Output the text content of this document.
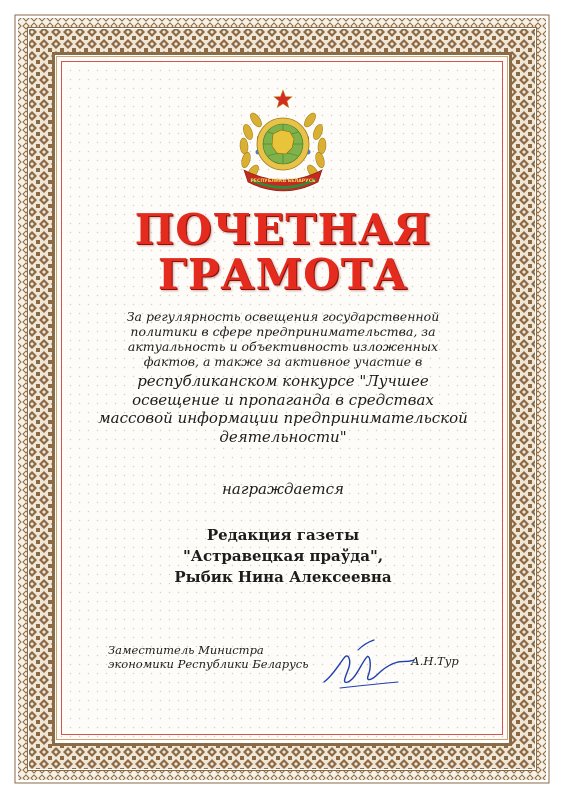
РЕСПУБЛИКА БЕЛАРУСЬ
ПОЧЕТНАЯ
ГРАМОТА

За регулярность освещения государственной
политики в сфере предпринимательства, за
актуальность и объективность изложенных
фактов, а также за активное участие в

республиканском конкурсе "Лучшее
освещение и пропаганда в средствах
массовой информации предпринимательской
деятельности"

награждается

Редакция газеты
"Астравецкая праўда",
Рыбик Нина Алексеевна
Заместитель Министра
экономики Республики Беларусь	А.Н.Тур
